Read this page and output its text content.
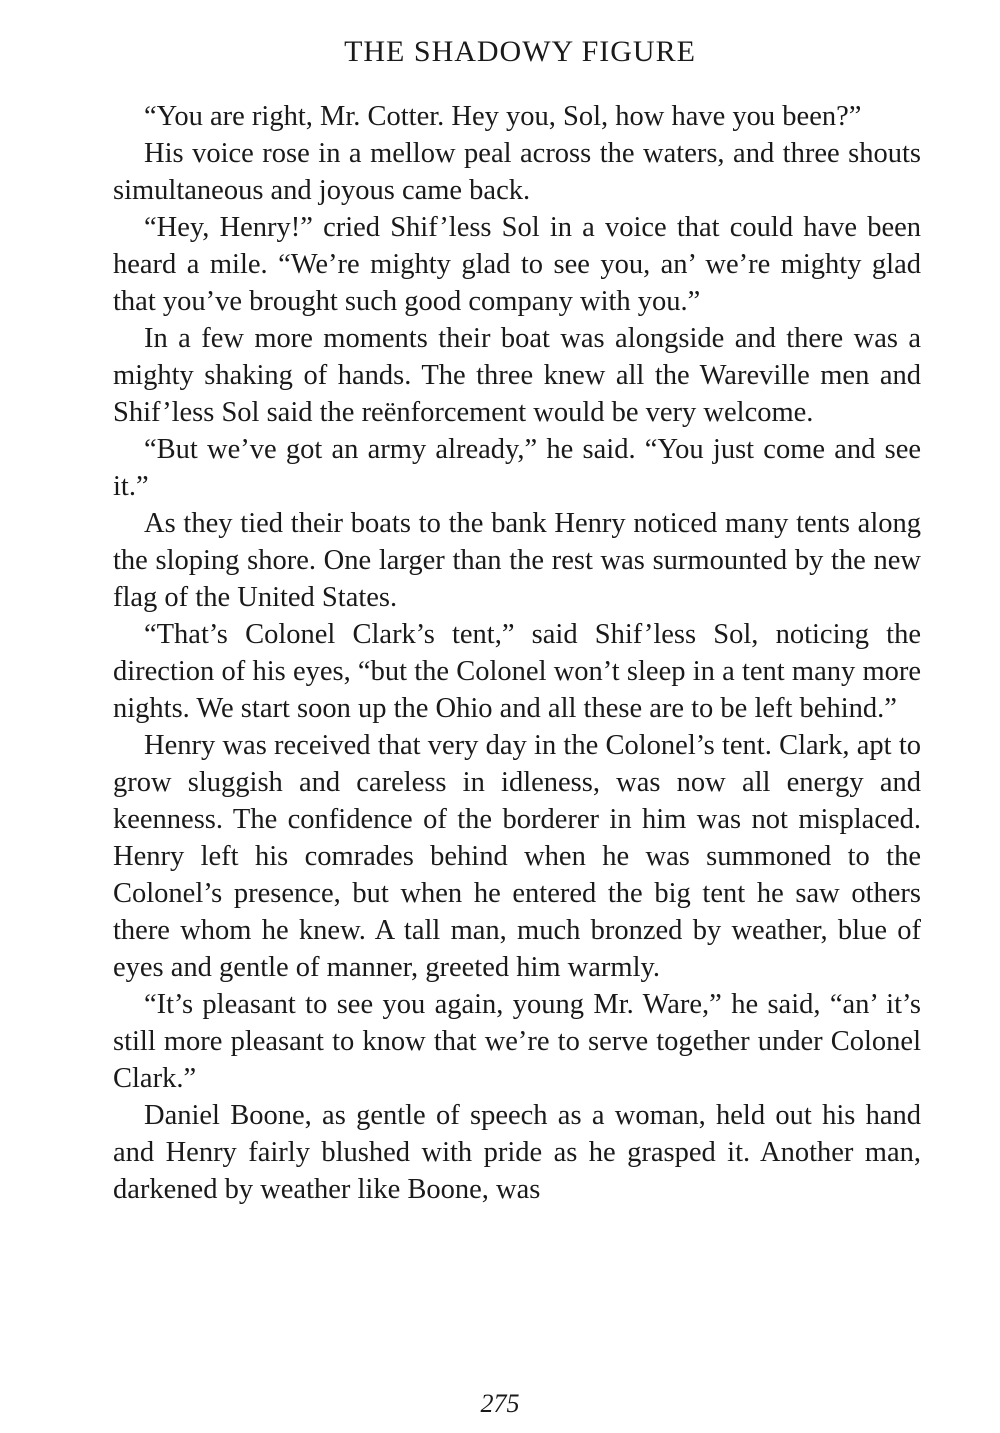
THE SHADOWY FIGURE

“You are right, Mr. Cotter. Hey you, Sol, how have you been?”

His voice rose in a mellow peal across the waters, and three shouts simultaneous and joyous came back.

“Hey, Henry!” cried Shif’less Sol in a voice that could have been heard a mile. “We’re mighty glad to see you, an’ we’re mighty glad that you’ve brought such good company with you.”

In a few more moments their boat was alongside and there was a mighty shaking of hands. The three knew all the Wareville men and Shif’less Sol said the reënforcement would be very welcome.

“But we’ve got an army already,” he said. “You just come and see it.”

As they tied their boats to the bank Henry noticed many tents along the sloping shore. One larger than the rest was surmounted by the new flag of the United States.

“That’s Colonel Clark’s tent,” said Shif’less Sol, noticing the direction of his eyes, “but the Colonel won’t sleep in a tent many more nights. We start soon up the Ohio and all these are to be left behind.”

Henry was received that very day in the Colonel’s tent. Clark, apt to grow sluggish and careless in idleness, was now all energy and keenness. The confidence of the borderer in him was not misplaced. Henry left his comrades behind when he was summoned to the Colonel’s presence, but when he entered the big tent he saw others there whom he knew. A tall man, much bronzed by weather, blue of eyes and gentle of manner, greeted him warmly.

“It’s pleasant to see you again, young Mr. Ware,” he said, “an’ it’s still more pleasant to know that we’re to serve together under Colonel Clark.”

Daniel Boone, as gentle of speech as a woman, held out his hand and Henry fairly blushed with pride as he grasped it. Another man, darkened by weather like Boone, was

275
